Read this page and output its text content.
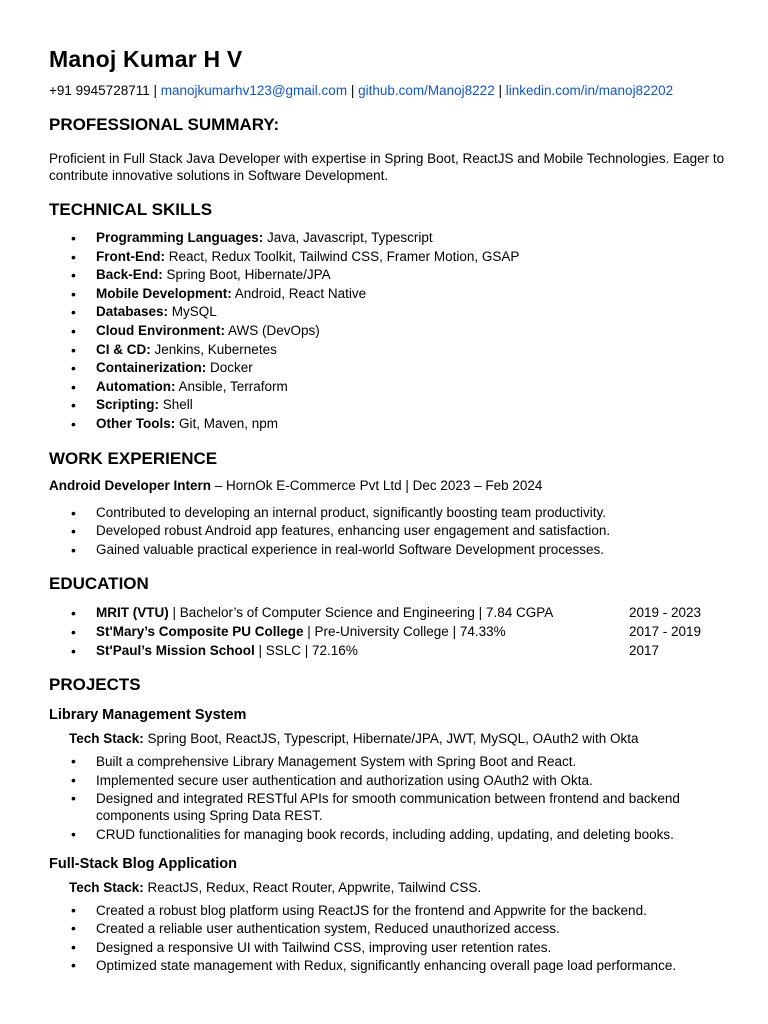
Manoj Kumar H V
+91 9945728711 | manojkumarhv123@gmail.com | github.com/Manoj8222 | linkedin.com/in/manoj82202
PROFESSIONAL SUMMARY:
Proficient in Full Stack Java Developer with expertise in Spring Boot, ReactJS and Mobile Technologies. Eager to contribute innovative solutions in Software Development.
TECHNICAL SKILLS
• Programming Languages: Java, Javascript, Typescript
• Front-End: React, Redux Toolkit, Tailwind CSS, Framer Motion, GSAP
• Back-End: Spring Boot, Hibernate/JPA
• Mobile Development: Android, React Native
• Databases: MySQL
• Cloud Environment: AWS (DevOps)
• CI & CD: Jenkins, Kubernetes
• Containerization: Docker
• Automation: Ansible, Terraform
• Scripting: Shell
• Other Tools: Git, Maven, npm
WORK EXPERIENCE
Android Developer Intern – HornOk E-Commerce Pvt Ltd | Dec 2023 – Feb 2024
• Contributed to developing an internal product, significantly boosting team productivity.
• Developed robust Android app features, enhancing user engagement and satisfaction.
• Gained valuable practical experience in real-world Software Development processes.
EDUCATION
• MRIT (VTU) | Bachelor’s of Computer Science and Engineering | 7.84 CGPA	2019 - 2023
• St'Mary’s Composite PU College | Pre-University College | 74.33%	2017 - 2019
• St'Paul’s Mission School | SSLC | 72.16%	2017
PROJECTS
Library Management System
Tech Stack: Spring Boot, ReactJS, Typescript, Hibernate/JPA, JWT, MySQL, OAuth2 with Okta
• Built a comprehensive Library Management System with Spring Boot and React.
• Implemented secure user authentication and authorization using OAuth2 with Okta.
• Designed and integrated RESTful APIs for smooth communication between frontend and backend components using Spring Data REST.
• CRUD functionalities for managing book records, including adding, updating, and deleting books.
Full-Stack Blog Application
Tech Stack: ReactJS, Redux, React Router, Appwrite, Tailwind CSS.
• Created a robust blog platform using ReactJS for the frontend and Appwrite for the backend.
• Created a reliable user authentication system, Reduced unauthorized access.
• Designed a responsive UI with Tailwind CSS, improving user retention rates.
• Optimized state management with Redux, significantly enhancing overall page load performance.
